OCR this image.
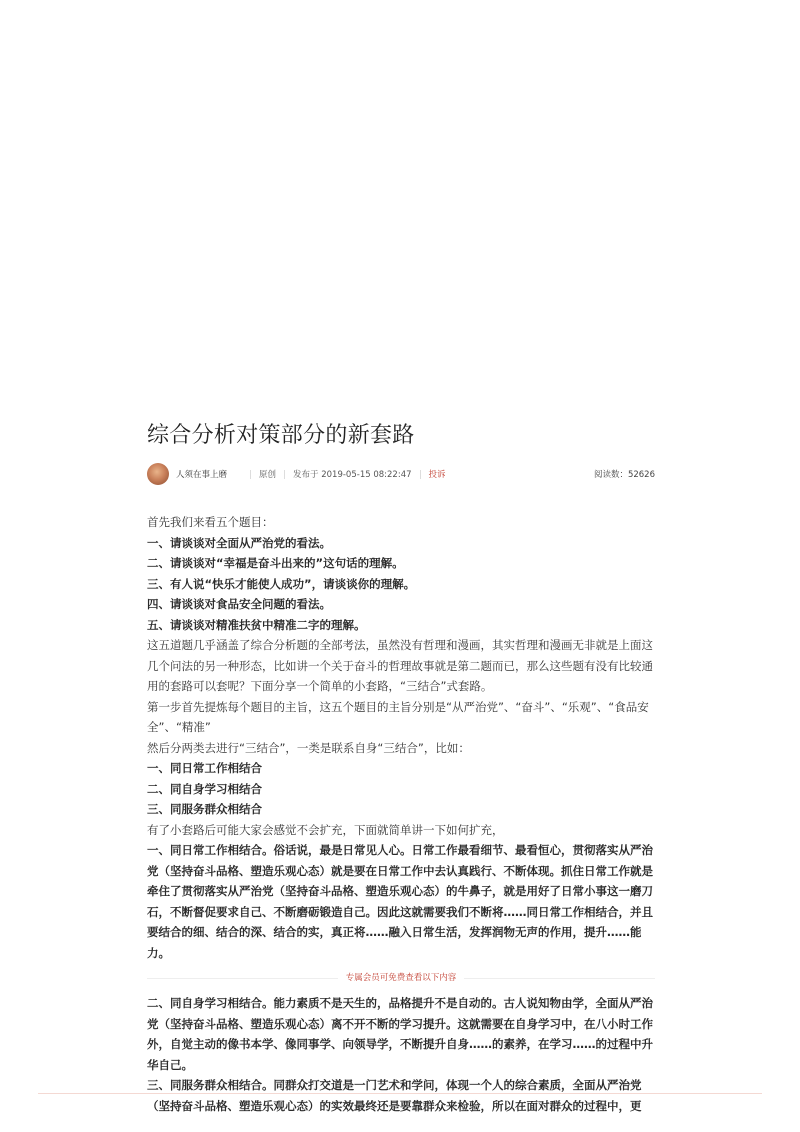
综合分析对策部分的新套路
人须在事上磨	原创 发布于 2019-05-15 08:22:47 投诉	阅读数：52626

首先我们来看五个题目：

一、请谈谈对全面从严治党的看法。

二、请谈谈对“幸福是奋斗出来的”这句话的理解。

三、有人说“快乐才能使人成功”，请谈谈你的理解。

四、请谈谈对食品安全问题的看法。

五、请谈谈对精准扶贫中精准二字的理解。

这五道题几乎涵盖了综合分析题的全部考法，虽然没有哲理和漫画，其实哲理和漫画无非就是上面这几个问法的另一种形态，比如讲一个关于奋斗的哲理故事就是第二题而已，那么这些题有没有比较通用的套路可以套呢？下面分享一个简单的小套路，“三结合”式套路。

第一步首先提炼每个题目的主旨，这五个题目的主旨分别是“从严治党”、“奋斗”、“乐观”、“食品安全”、“精准”

然后分两类去进行“三结合”，一类是联系自身“三结合”，比如：

一、同日常工作相结合

二、同自身学习相结合

三、同服务群众相结合

有了小套路后可能大家会感觉不会扩充，下面就简单讲一下如何扩充，

一、同日常工作相结合。俗话说，最是日常见人心。日常工作最看细节、最看恒心，贯彻落实从严治党（坚持奋斗品格、塑造乐观心态）就是要在日常工作中去认真践行、不断体现。抓住日常工作就是牵住了贯彻落实从严治党（坚持奋斗品格、塑造乐观心态）的牛鼻子，就是用好了日常小事这一磨刀石，不断督促要求自己、不断磨砺锻造自己。因此这就需要我们不断将……同日常工作相结合，并且要结合的细、结合的深、结合的实，真正将……融入日常生活，发挥润物无声的作用，提升……能力。

专属会员可免费查看以下内容

二、同自身学习相结合。能力素质不是天生的，品格提升不是自动的。古人说知物由学，全面从严治党（坚持奋斗品格、塑造乐观心态）离不开不断的学习提升。这就需要在自身学习中，在八小时工作外，自觉主动的像书本学、像同事学、向领导学，不断提升自身……的素养，在学习……的过程中升华自己。

三、同服务群众相结合。同群众打交道是一门艺术和学问，体现一个人的综合素质，全面从严治党（坚持奋斗品格、塑造乐观心态）的实效最终还是要靠群众来检验，所以在面对群众的过程中，更
